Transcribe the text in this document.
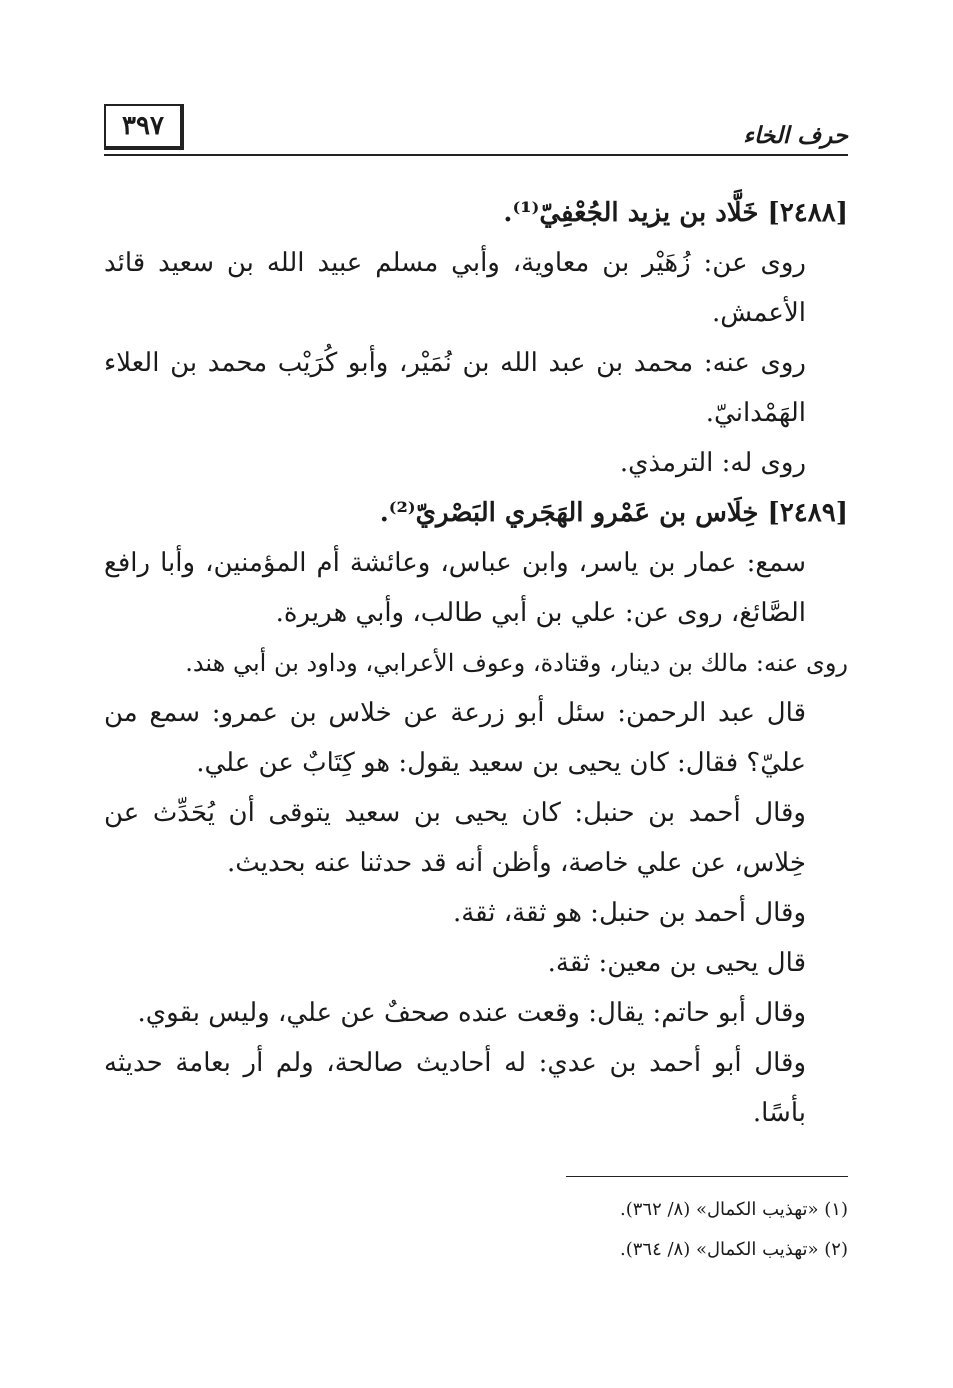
٣٩٧	حرف الخاء

[٢٤٨٨] خَلَّاد بن يزيد الجُعْفِيّ⁽¹⁾.

روى عن: زُهَيْر بن معاوية، وأبي مسلم عبيد الله بن سعيد قائد الأعمش.

روى عنه: محمد بن عبد الله بن نُمَيْر، وأبو كُرَيْب محمد بن العلاء الهَمْدانيّ.

روى له: الترمذي.

[٢٤٨٩] خِلَاس بن عَمْرو الهَجَري البَصْريّ⁽²⁾.

سمع: عمار بن ياسر، وابن عباس، وعائشة أم المؤمنين، وأبا رافع الصَّائغ، روى عن: علي بن أبي طالب، وأبي هريرة.

روى عنه: مالك بن دينار، وقتادة، وعوف الأعرابي، وداود بن أبي هند.

قال عبد الرحمن: سئل أبو زرعة عن خلاس بن عمرو: سمع من عليّ؟ فقال: كان يحيى بن سعيد يقول: هو كِتَابٌ عن علي.

وقال أحمد بن حنبل: كان يحيى بن سعيد يتوقى أن يُحَدِّث عن خِلاس، عن علي خاصة، وأظن أنه قد حدثنا عنه بحديث.

وقال أحمد بن حنبل: هو ثقة، ثقة.

قال يحيى بن معين: ثقة.

وقال أبو حاتم: يقال: وقعت عنده صحفٌ عن علي، وليس بقوي.

وقال أبو أحمد بن عدي: له أحاديث صالحة، ولم أر بعامة حديثه بأسًا.

(١) «تهذيب الكمال» (٨/ ٣٦٢).

(٢) «تهذيب الكمال» (٨/ ٣٦٤).
